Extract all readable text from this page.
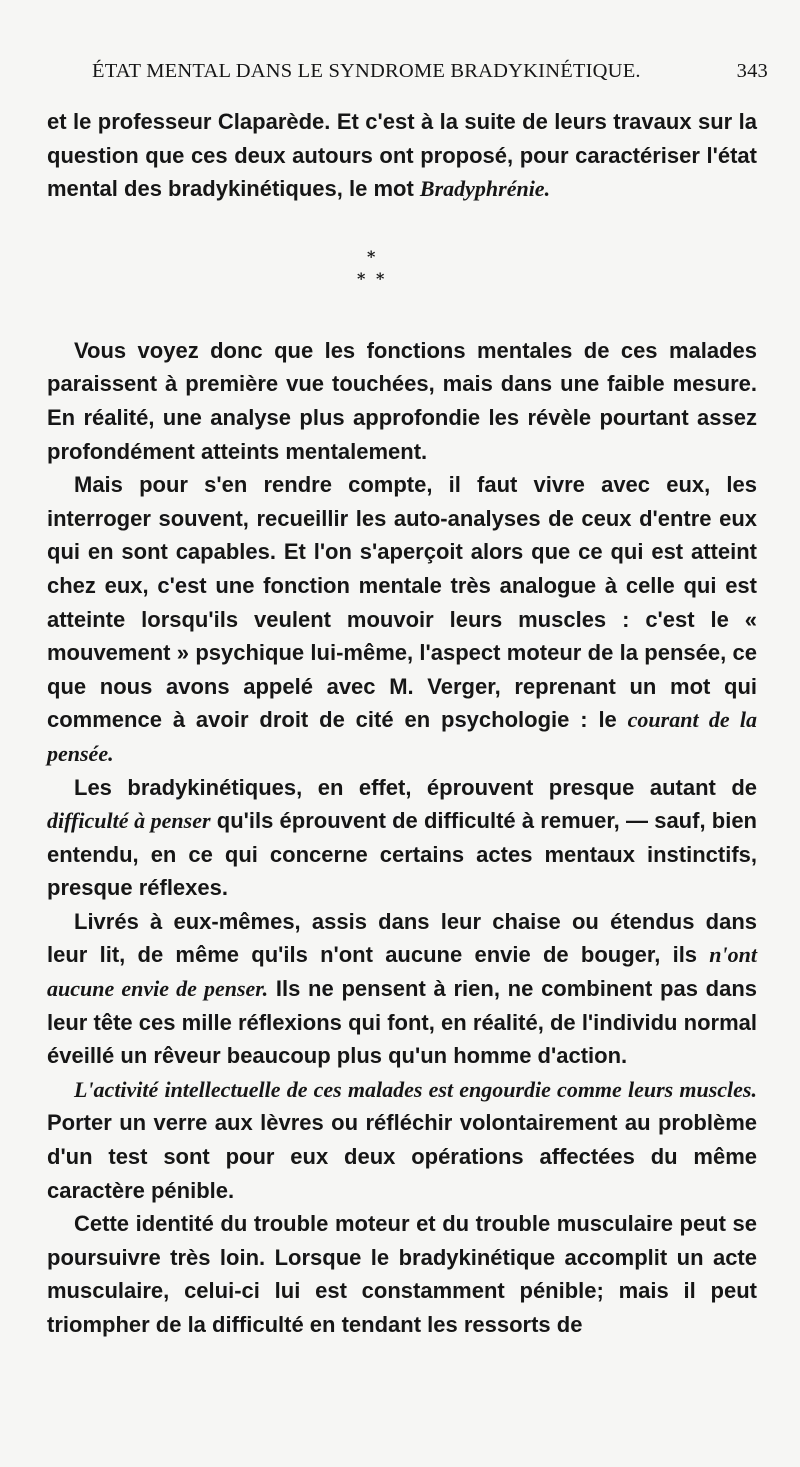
ÉTAT MENTAL DANS LE SYNDROME BRADYKINÉTIQUE.	343

et le professeur Claparède. Et c'est à la suite de leurs travaux sur la question que ces deux autours ont proposé, pour caractériser l'état mental des bradykinétiques, le mot Bradyphrénie.

*
* *

Vous voyez donc que les fonctions mentales de ces malades paraissent à première vue touchées, mais dans une faible mesure. En réalité, une analyse plus approfondie les révèle pourtant assez profondément atteints mentalement.

Mais pour s'en rendre compte, il faut vivre avec eux, les interroger souvent, recueillir les auto-analyses de ceux d'entre eux qui en sont capables. Et l'on s'aperçoit alors que ce qui est atteint chez eux, c'est une fonction mentale très analogue à celle qui est atteinte lorsqu'ils veulent mouvoir leurs muscles : c'est le « mouvement » psychique lui-même, l'aspect moteur de la pensée, ce que nous avons appelé avec M. Verger, reprenant un mot qui commence à avoir droit de cité en psychologie : le courant de la pensée.

Les bradykinétiques, en effet, éprouvent presque autant de difficulté à penser qu'ils éprouvent de difficulté à remuer, — sauf, bien entendu, en ce qui concerne certains actes mentaux instinctifs, presque réflexes.

Livrés à eux-mêmes, assis dans leur chaise ou étendus dans leur lit, de même qu'ils n'ont aucune envie de bouger, ils n'ont aucune envie de penser. Ils ne pensent à rien, ne combinent pas dans leur tête ces mille réflexions qui font, en réalité, de l'individu normal éveillé un rêveur beaucoup plus qu'un homme d'action.

L'activité intellectuelle de ces malades est engourdie comme leurs muscles. Porter un verre aux lèvres ou réfléchir volontairement au problème d'un test sont pour eux deux opérations affectées du même caractère pénible.

Cette identité du trouble moteur et du trouble musculaire peut se poursuivre très loin. Lorsque le bradykinétique accomplit un acte musculaire, celui-ci lui est constamment pénible; mais il peut triompher de la difficulté en tendant les ressorts de
